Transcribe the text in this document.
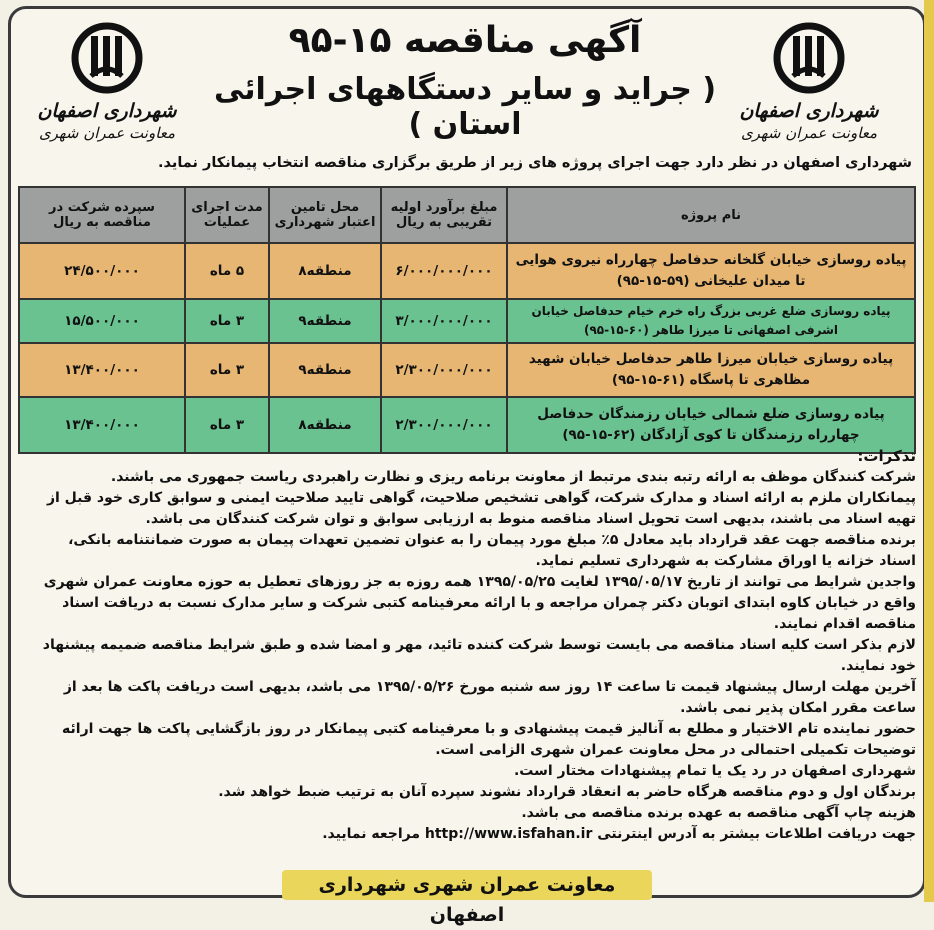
شهرداری اصفهان
معاونت عمران شهری
شهرداری اصفهان
معاونت عمران شهری
آگهی مناقصه ۱۵-۹۵
( جرايد و ساير دستگاههای اجرائی استان )
شهرداری اصفهان در نظر دارد جهت اجرای پروژه های زیر از طریق برگزاری مناقصه انتخاب پیمانکار نماید.
نام پروژه	مبلغ برآورد اولیه تقریبی به ریال	محل تامین اعتبار شهرداری	مدت اجرای عملیات	سپرده شرکت در مناقصه به ریال
پیاده روسازی خیابان گلخانه حدفاصل چهارراه نیروی هوایی تا میدان علیخانی (۵۹-۱۵-۹۵)	۶/۰۰۰/۰۰۰/۰۰۰	منطقه۸	۵ ماه	۲۴/۵۰۰/۰۰۰
پیاده روسازی ضلع غربی بزرگ راه خرم خیام حدفاصل خیابان اشرفی اصفهانی تا میرزا طاهر (۶۰-۱۵-۹۵)	۳/۰۰۰/۰۰۰/۰۰۰	منطقه۹	۳ ماه	۱۵/۵۰۰/۰۰۰
پیاده روسازی خیابان میرزا طاهر حدفاصل خیابان شهید مظاهری تا پاسگاه (۶۱-۱۵-۹۵)	۲/۳۰۰/۰۰۰/۰۰۰	منطقه۹	۳ ماه	۱۳/۴۰۰/۰۰۰
پیاده روسازی ضلع شمالی خیابان رزمندگان حدفاصل چهارراه رزمندگان تا کوی آزادگان (۶۲-۱۵-۹۵)	۲/۳۰۰/۰۰۰/۰۰۰	منطقه۸	۳ ماه	۱۳/۴۰۰/۰۰۰
تذکرات:

شرکت کنندگان موظف به ارائه رتبه بندی مرتبط از معاونت برنامه ریزی و نظارت راهبردی ریاست جمهوری می باشند.

پیمانکاران ملزم به ارائه اسناد و مدارک شرکت، گواهی تشخیص صلاحیت، گواهی تایید صلاحیت ایمنی و سوابق کاری خود قبل از تهیه اسناد می باشند، بدیهی است تحویل اسناد مناقصه منوط به ارزیابی سوابق و توان شرکت کنندگان می باشد.

برنده مناقصه جهت عقد قرارداد باید معادل ۵٪ مبلغ مورد پیمان را به عنوان تضمین تعهدات پیمان به صورت ضمانتنامه بانکی، اسناد خزانه یا اوراق مشارکت به شهرداری تسلیم نماید.

واجدین شرایط می توانند از تاریخ ۱۳۹۵/۰۵/۱۷ لغایت ۱۳۹۵/۰۵/۲۵ همه روزه به جز روزهای تعطیل به حوزه معاونت عمران شهری واقع در خیابان کاوه ابتدای اتوبان دکتر چمران مراجعه و با ارائه معرفینامه کتبی شرکت و سایر مدارک نسبت به دریافت اسناد مناقصه اقدام نمایند.

لازم بذکر است کلیه اسناد مناقصه می بایست توسط شرکت کننده تائید، مهر و امضا شده و طبق شرایط مناقصه ضمیمه پیشنهاد خود نمایند.

آخرین مهلت ارسال پیشنهاد قیمت تا ساعت ۱۴ روز سه شنبه مورخ ۱۳۹۵/۰۵/۲۶ می باشد، بدیهی است دریافت پاکت ها بعد از ساعت مقرر امکان پذیر نمی باشد.

حضور نماینده تام الاختیار و مطلع به آنالیز قیمت پیشنهادی و با معرفینامه کتبی پیمانکار در روز بازگشایی پاکت ها جهت ارائه توضیحات تکمیلی احتمالی در محل معاونت عمران شهری الزامی است.

شهرداری اصفهان در رد یک یا تمام پیشنهادات مختار است.

برندگان اول و دوم مناقصه هرگاه حاضر به انعقاد قرارداد نشوند سپرده آنان به ترتیب ضبط خواهد شد.

هزینه چاپ آگهی مناقصه به عهده برنده مناقصه می باشد.

جهت دریافت اطلاعات بیشتر به آدرس اینترنتی http://www.isfahan.ir مراجعه نمایید.

معاونت عمران شهری شهرداری اصفهان
